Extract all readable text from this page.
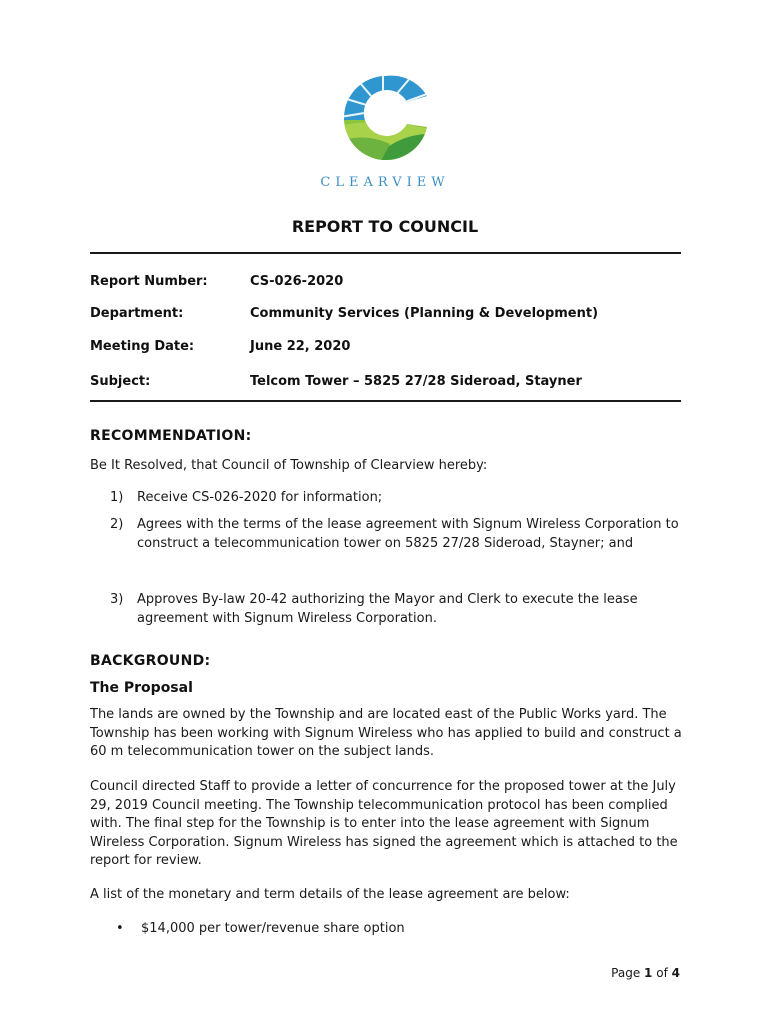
CLEARVIEW
REPORT TO COUNCIL
Report Number:	CS-026-2020
Department:	Community Services (Planning & Development)
Meeting Date:	June 22, 2020
Subject:	Telcom Tower – 5825 27/28 Sideroad, Stayner
RECOMMENDATION:
Be It Resolved, that Council of Township of Clearview hereby:
1) Receive CS-026-2020 for information;
2) Agrees with the terms of the lease agreement with Signum Wireless Corporation to construct a telecommunication tower on 5825 27/28 Sideroad, Stayner; and
3) Approves By-law 20-42 authorizing the Mayor and Clerk to execute the lease agreement with Signum Wireless Corporation.
BACKGROUND:
The Proposal
The lands are owned by the Township and are located east of the Public Works yard. The Township has been working with Signum Wireless who has applied to build and construct a 60 m telecommunication tower on the subject lands.
Council directed Staff to provide a letter of concurrence for the proposed tower at the July 29, 2019 Council meeting. The Township telecommunication protocol has been complied with. The final step for the Township is to enter into the lease agreement with Signum Wireless Corporation. Signum Wireless has signed the agreement which is attached to the report for review.
A list of the monetary and term details of the lease agreement are below:
• $14,000 per tower/revenue share option
Page 1 of 4
